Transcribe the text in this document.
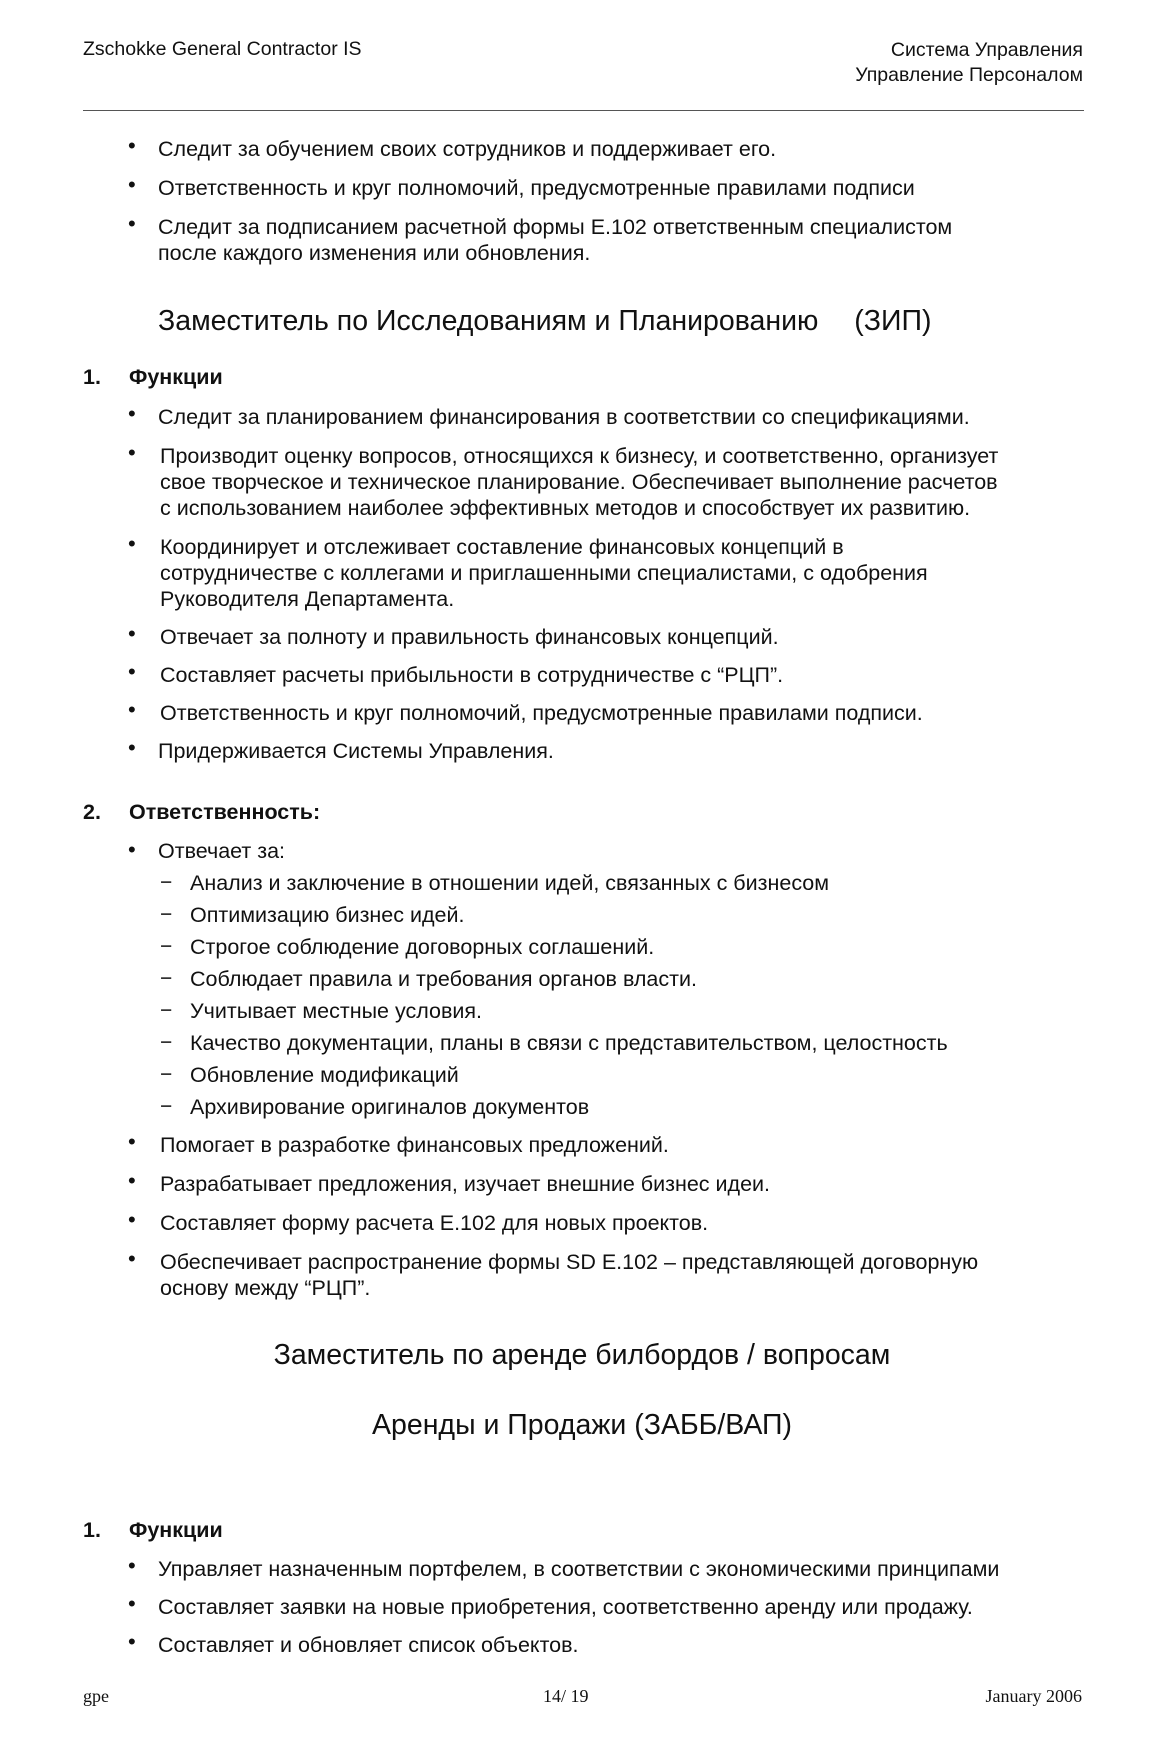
Zschokke General Contractor IS	Система Управления
Управление Персоналом
• Следит за обучением своих сотрудников и поддерживает его.
• Ответственность и круг полномочий, предусмотренные правилами подписи
• Следит за подписанием расчетной формы E.102 ответственным специалистом
после каждого изменения или обновления.
Заместитель по Исследованиям и Планированию (ЗИП)
1. Функции
• Следит за планированием финансирования в соответствии со спецификациями.
• Производит оценку вопросов, относящихся к бизнесу, и соответственно, организует
свое творческое и техническое планирование. Обеспечивает выполнение расчетов
с использованием наиболее эффективных методов и способствует их развитию.
• Координирует и отслеживает составление финансовых концепций в
сотрудничестве с коллегами и приглашенными специалистами, с одобрения
Руководителя Департамента.
• Отвечает за полноту и правильность финансовых концепций.
• Составляет расчеты прибыльности в сотрудничестве с “РЦП”.
• Ответственность и круг полномочий, предусмотренные правилами подписи.
• Придерживается Системы Управления.
2. Ответственность:
• Отвечает за:
− Анализ и заключение в отношении идей, связанных с бизнесом
− Оптимизацию бизнес идей.
− Строгое соблюдение договорных соглашений.
− Соблюдает правила и требования органов власти.
− Учитывает местные условия.
− Качество документации, планы в связи с представительством, целостность
− Обновление модификаций
− Архивирование оригиналов документов
• Помогает в разработке финансовых предложений.
• Разрабатывает предложения, изучает внешние бизнес идеи.
• Составляет форму расчета E.102 для новых проектов.
• Обеспечивает распространение формы SD E.102 – представляющей договорную
основу между “РЦП”.
Заместитель по аренде билбордов / вопросам
Аренды и Продажи (ЗАББ/ВАП)
1. Функции
• Управляет назначенным портфелем, в соответствии с экономическими принципами
• Составляет заявки на новые приобретения, соответственно аренду или продажу.
• Составляет и обновляет список объектов.
gpe	14/ 19	January 2006
